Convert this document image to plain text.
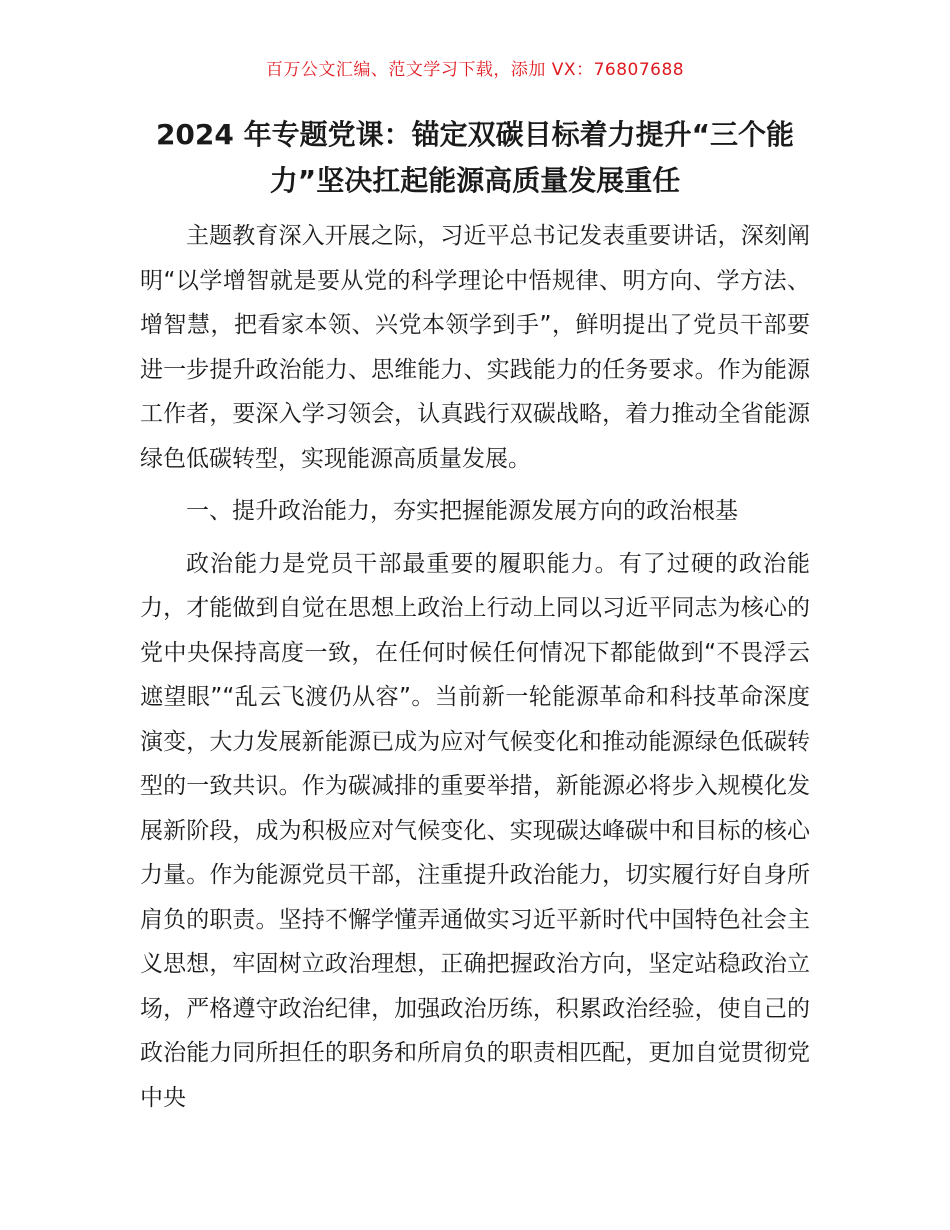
百万公文汇编、范文学习下载，添加 VX：76807688
2024 年专题党课：锚定双碳目标着力提升“三个能力”坚决扛起能源高质量发展重任

主题教育深入开展之际，习近平总书记发表重要讲话，深刻阐明“以学增智就是要从党的科学理论中悟规律、明方向、学方法、增智慧，把看家本领、兴党本领学到手”，鲜明提出了党员干部要进一步提升政治能力、思维能力、实践能力的任务要求。作为能源工作者，要深入学习领会，认真践行双碳战略，着力推动全省能源绿色低碳转型，实现能源高质量发展。

一、提升政治能力，夯实把握能源发展方向的政治根基

政治能力是党员干部最重要的履职能力。有了过硬的政治能力，才能做到自觉在思想上政治上行动上同以习近平同志为核心的党中央保持高度一致，在任何时候任何情况下都能做到“不畏浮云遮望眼”“乱云飞渡仍从容”。当前新一轮能源革命和科技革命深度演变，大力发展新能源已成为应对气候变化和推动能源绿色低碳转型的一致共识。作为碳减排的重要举措，新能源必将步入规模化发展新阶段，成为积极应对气候变化、实现碳达峰碳中和目标的核心力量。作为能源党员干部，注重提升政治能力，切实履行好自身所肩负的职责。坚持不懈学懂弄通做实习近平新时代中国特色社会主义思想，牢固树立政治理想，正确把握政治方向，坚定站稳政治立场，严格遵守政治纪律，加强政治历练，积累政治经验，使自己的政治能力同所担任的职务和所肩负的职责相匹配，更加自觉贯彻党中央
